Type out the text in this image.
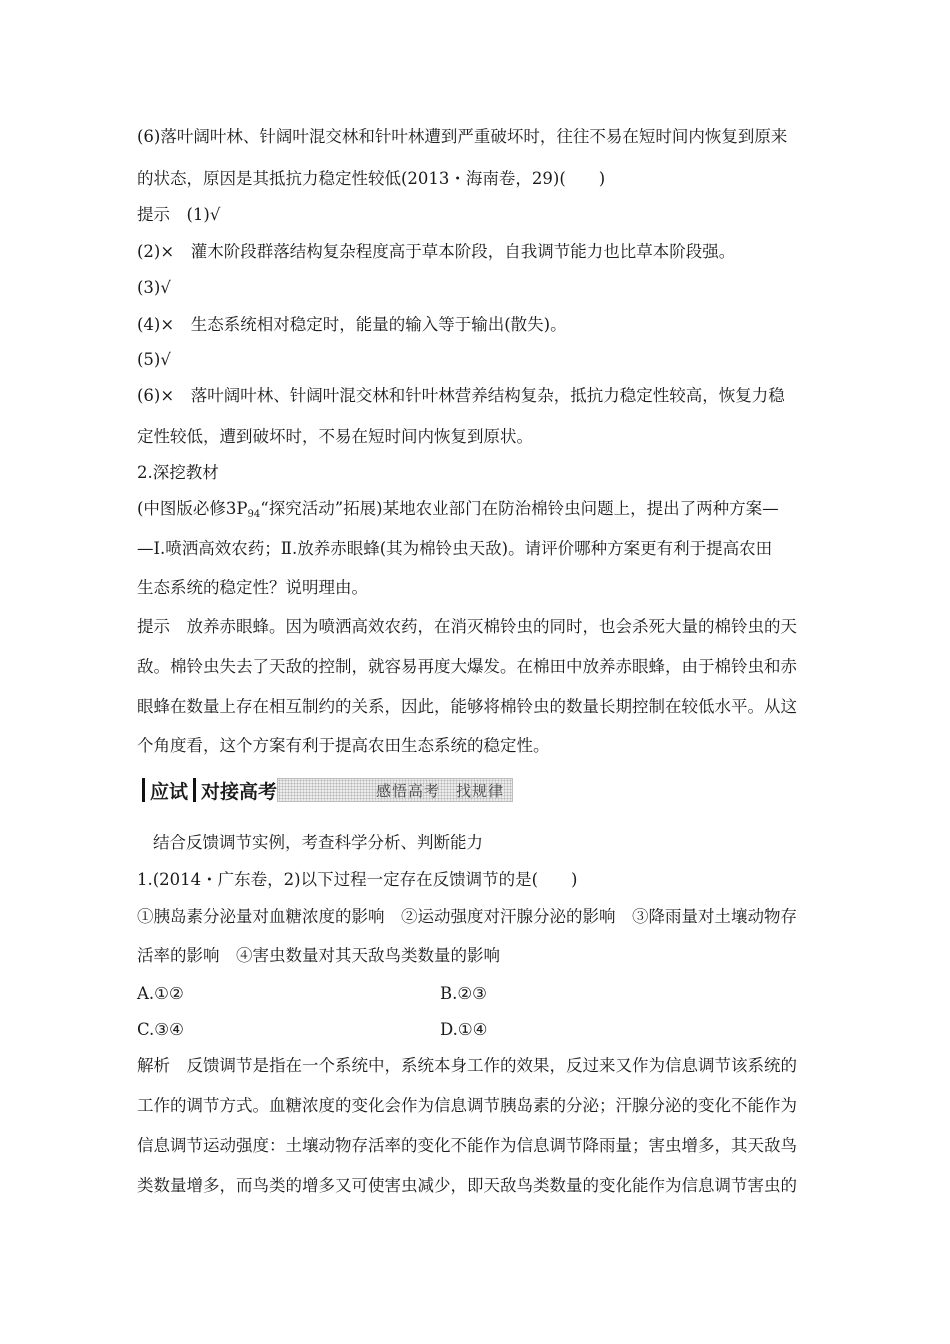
(6)落叶阔叶林、针阔叶混交林和针叶林遭到严重破坏时，往往不易在短时间内恢复到原来
的状态，原因是其抵抗力稳定性较低(2013・海南卷，29)(　　)
提示　(1)√
(2)×　灌木阶段群落结构复杂程度高于草本阶段，自我调节能力也比草本阶段强。
(3)√
(4)×　生态系统相对稳定时，能量的输入等于输出(散失)。
(5)√
(6)×　落叶阔叶林、针阔叶混交林和针叶林营养结构复杂，抵抗力稳定性较高，恢复力稳
定性较低，遭到破坏时，不易在短时间内恢复到原状。
2.深挖教材
(中图版必修$3P_{94}“$探究活动”拓展)某地农业部门在防治棉铃虫问题上，提出了两种方案—
—Ⅰ.喷洒高效农药；Ⅱ.放养赤眼蜂(其为棉铃虫天敌)。请评价哪种方案更有利于提高农田
生态系统的稳定性？说明理由。
提示　放养赤眼蜂。因为喷洒高效农药，在消灭棉铃虫的同时，也会杀死大量的棉铃虫的天
敌。棉铃虫失去了天敌的控制，就容易再度大爆发。在棉田中放养赤眼蜂，由于棉铃虫和赤
眼蜂在数量上存在相互制约的关系，因此，能够将棉铃虫的数量长期控制在较低水平。从这
个角度看，这个方案有利于提高农田生态系统的稳定性。
应试 对接高考	感悟高考　找规律
结合反馈调节实例，考查科学分析、判断能力
1.(2014・广东卷，2)以下过程一定存在反馈调节的是(　　)
①胰岛素分泌量对血糖浓度的影响　②运动强度对汗腺分泌的影响　③降雨量对土壤动物存
活率的影响　④害虫数量对其天敌鸟类数量的影响
A.①②	B.②③
C.③④	D.①④
解析　反馈调节是指在一个系统中，系统本身工作的效果，反过来又作为信息调节该系统的
工作的调节方式。血糖浓度的变化会作为信息调节胰岛素的分泌；汗腺分泌的变化不能作为
信息调节运动强度：土壤动物存活率的变化不能作为信息调节降雨量；害虫增多，其天敌鸟
类数量增多，而鸟类的增多又可使害虫减少，即天敌鸟类数量的变化能作为信息调节害虫的
